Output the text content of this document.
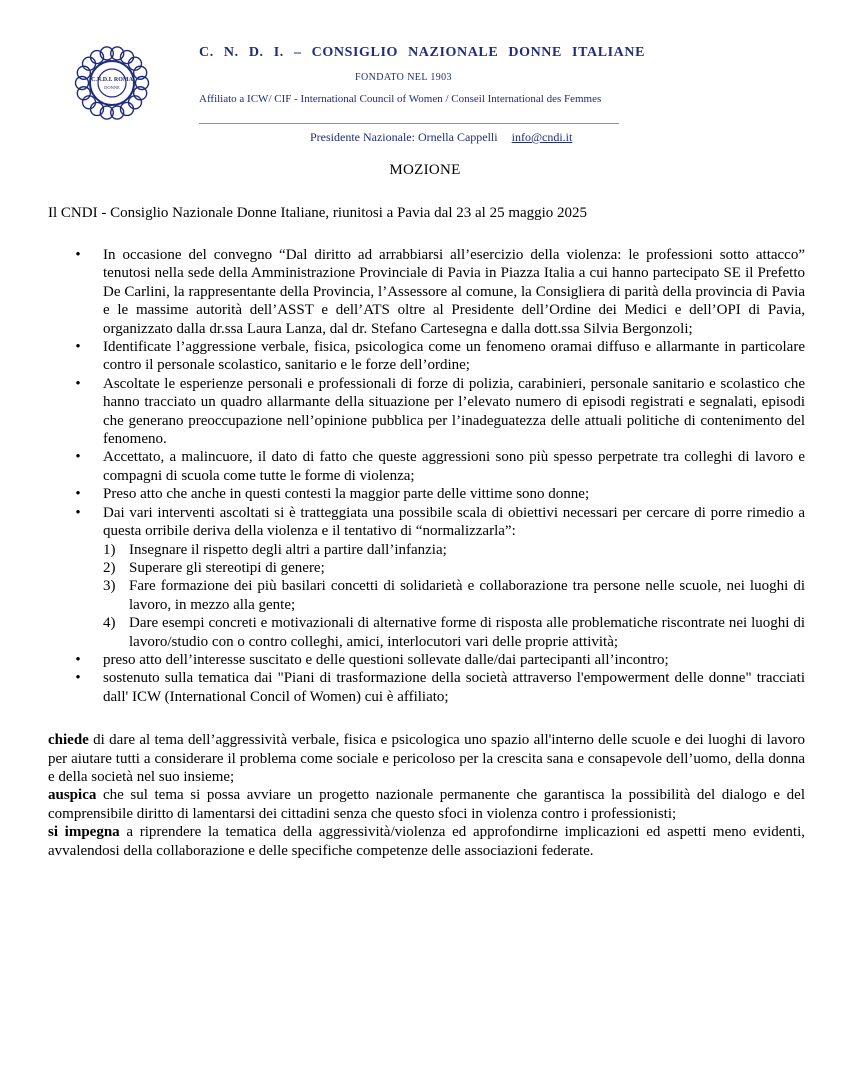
C.N.D.I. ROMA
DONNE
C. N. D. I. – CONSIGLIO NAZIONALE DONNE ITALIANE
FONDATO NEL 1903
Affiliato a ICW/ CIF - International Council of Women / Conseil International des Femmes
Presidente Nazionale: Ornella Cappelli info@cndi.it
MOZIONE
Il CNDI - Consiglio Nazionale Donne Italiane, riunitosi a Pavia dal 23 al 25 maggio 2025
• In occasione del convegno “Dal diritto ad arrabbiarsi all’esercizio della violenza: le professioni sotto attacco” tenutosi nella sede della Amministrazione Provinciale di Pavia in Piazza Italia a cui hanno partecipato SE il Prefetto De Carlini, la rappresentante della Provincia, l’Assessore al comune, la Consigliera di parità della provincia di Pavia e le massime autorità dell’ASST e dell’ATS oltre al Presidente dell’Ordine dei Medici e dell’OPI di Pavia, organizzato dalla dr.ssa Laura Lanza, dal dr. Stefano Cartesegna e dalla dott.ssa Silvia Bergonzoli;
• Identificate l’aggressione verbale, fisica, psicologica come un fenomeno oramai diffuso e allarmante in particolare contro il personale scolastico, sanitario e le forze dell’ordine;
• Ascoltate le esperienze personali e professionali di forze di polizia, carabinieri, personale sanitario e scolastico che hanno tracciato un quadro allarmante della situazione per l’elevato numero di episodi registrati e segnalati, episodi che generano preoccupazione nell’opinione pubblica per l’inadeguatezza delle attuali politiche di contenimento del fenomeno.
• Accettato, a malincuore, il dato di fatto che queste aggressioni sono più spesso perpetrate tra colleghi di lavoro e compagni di scuola come tutte le forme di violenza;
• Preso atto che anche in questi contesti la maggior parte delle vittime sono donne;
• Dai vari interventi ascoltati si è tratteggiata una possibile scala di obiettivi necessari per cercare di porre rimedio a questa orribile deriva della violenza e il tentativo di “normalizzarla”:
1) Insegnare il rispetto degli altri a partire dall’infanzia;
2) Superare gli stereotipi di genere;
3) Fare formazione dei più basilari concetti di solidarietà e collaborazione tra persone nelle scuole, nei luoghi di lavoro, in mezzo alla gente;
4) Dare esempi concreti e motivazionali di alternative forme di risposta alle problematiche riscontrate nei luoghi di lavoro/studio con o contro colleghi, amici, interlocutori vari delle proprie attività;
• preso atto dell’interesse suscitato e delle questioni sollevate dalle/dai partecipanti all’incontro;
• sostenuto sulla tematica dai "Piani di trasformazione della società attraverso l'empowerment delle donne" tracciati dall' ICW (International Concil of Women) cui è affiliato;

chiede di dare al tema dell’aggressività verbale, fisica e psicologica uno spazio all'interno delle scuole e dei luoghi di lavoro per aiutare tutti a considerare il problema come sociale e pericoloso per la crescita sana e consapevole dell’uomo, della donna e della società nel suo insieme;

auspica che sul tema si possa avviare un progetto nazionale permanente che garantisca la possibilità del dialogo e del comprensibile diritto di lamentarsi dei cittadini senza che questo sfoci in violenza contro i professionisti;

si impegna a riprendere la tematica della aggressività/violenza ed approfondirne implicazioni ed aspetti meno evidenti, avvalendosi della collaborazione e delle specifiche competenze delle associazioni federate.
